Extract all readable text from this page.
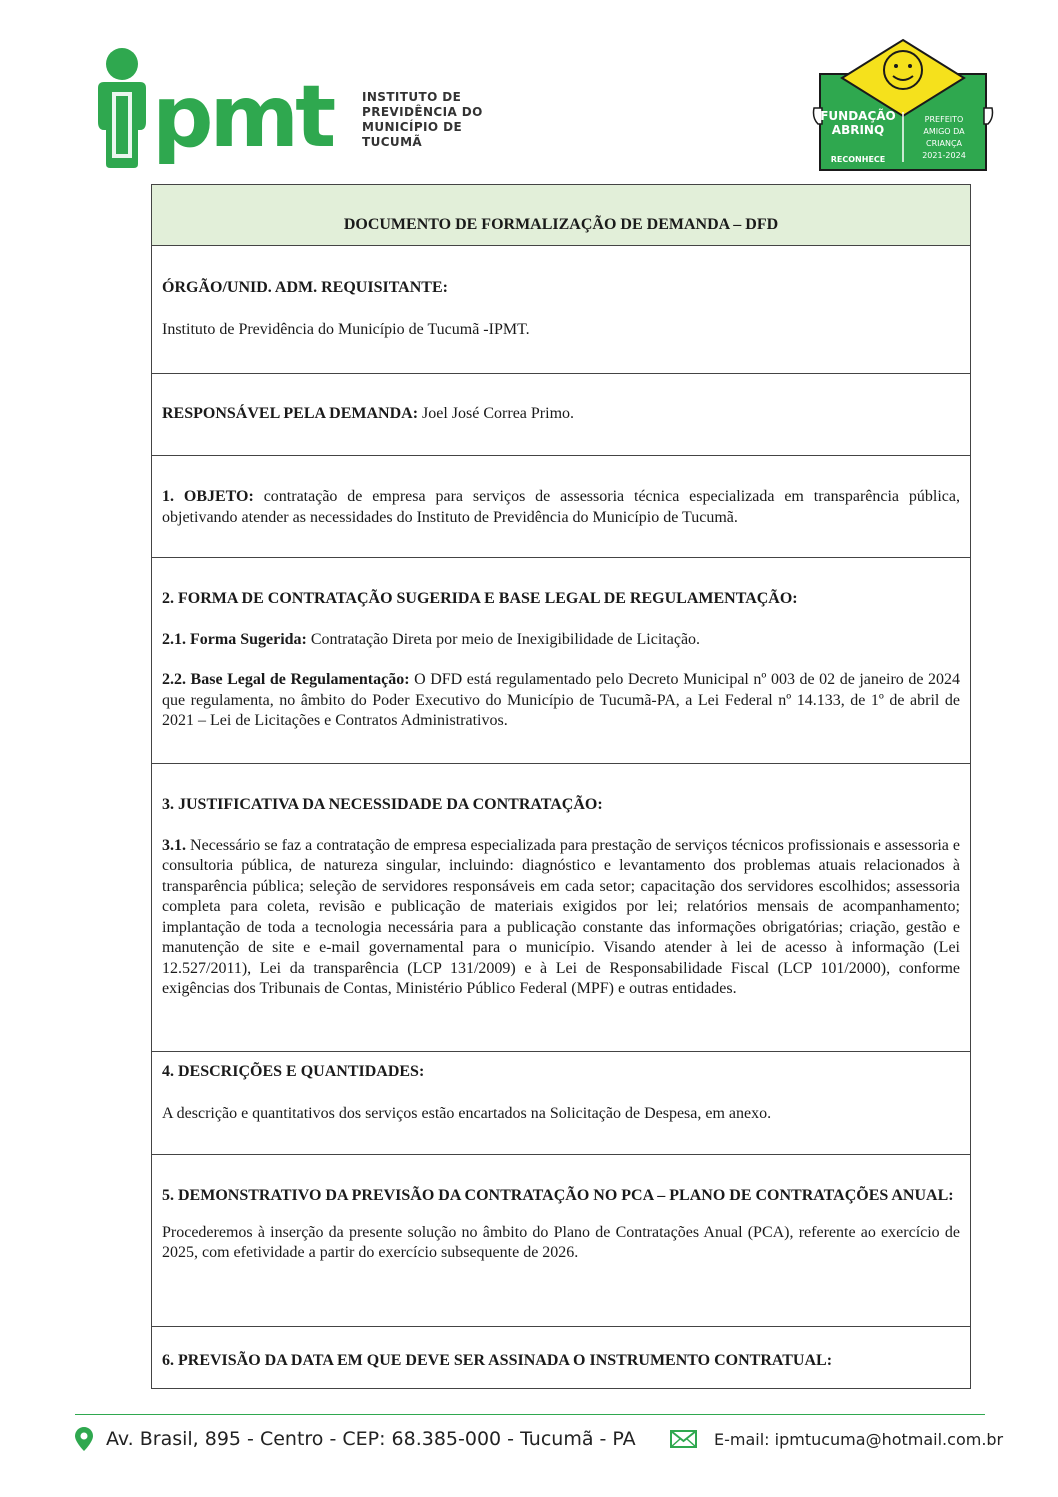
pmt INSTITUTO DE
PREVIDÊNCIA DO
MUNICÍPIO DE
TUCUMÃ
FUNDAÇÃO
ABRINQ
RECONHECE
PREFEITO
AMIGO DA
CRIANÇA
2021-2024
DOCUMENTO DE FORMALIZAÇÃO DE DEMANDA – DFD

ÓRGÃO/UNID. ADM. REQUISITANTE:

Instituto de Previdência do Município de Tucumã -IPMT.

RESPONSÁVEL PELA DEMANDA: Joel José Correa Primo.

1. OBJETO: contratação de empresa para serviços de assessoria técnica especializada em transparência pública, objetivando atender as necessidades do Instituto de Previdência do Município de Tucumã.

2. FORMA DE CONTRATAÇÃO SUGERIDA E BASE LEGAL DE REGULAMENTAÇÃO:

2.1. Forma Sugerida: Contratação Direta por meio de Inexigibilidade de Licitação.

2.2. Base Legal de Regulamentação: O DFD está regulamentado pelo Decreto Municipal nº 003 de 02 de janeiro de 2024 que regulamenta, no âmbito do Poder Executivo do Município de Tucumã-PA, a Lei Federal nº 14.133, de 1º de abril de 2021 – Lei de Licitações e Contratos Administrativos.

3. JUSTIFICATIVA DA NECESSIDADE DA CONTRATAÇÃO:

3.1. Necessário se faz a contratação de empresa especializada para prestação de serviços técnicos profissionais e assessoria e consultoria pública, de natureza singular, incluindo: diagnóstico e levantamento dos problemas atuais relacionados à transparência pública; seleção de servidores responsáveis em cada setor; capacitação dos servidores escolhidos; assessoria completa para coleta, revisão e publicação de materiais exigidos por lei; relatórios mensais de acompanhamento; implantação de toda a tecnologia necessária para a publicação constante das informações obrigatórias; criação, gestão e manutenção de site e e-mail governamental para o município. Visando atender à lei de acesso à informação (Lei 12.527/2011), Lei da transparência (LCP 131/2009) e à Lei de Responsabilidade Fiscal (LCP 101/2000), conforme exigências dos Tribunais de Contas, Ministério Público Federal (MPF) e outras entidades.

4. DESCRIÇÕES E QUANTIDADES:

A descrição e quantitativos dos serviços estão encartados na Solicitação de Despesa, em anexo.

5. DEMONSTRATIVO DA PREVISÃO DA CONTRATAÇÃO NO PCA – PLANO DE CONTRATAÇÕES ANUAL:

Procederemos à inserção da presente solução no âmbito do Plano de Contratações Anual (PCA), referente ao exercício de 2025, com efetividade a partir do exercício subsequente de 2026.

6. PREVISÃO DA DATA EM QUE DEVE SER ASSINADA O INSTRUMENTO CONTRATUAL:

Av. Brasil, 895 - Centro - CEP: 68.385-000 - Tucumã - PA	E-mail: ipmtucuma@hotmail.com.br
